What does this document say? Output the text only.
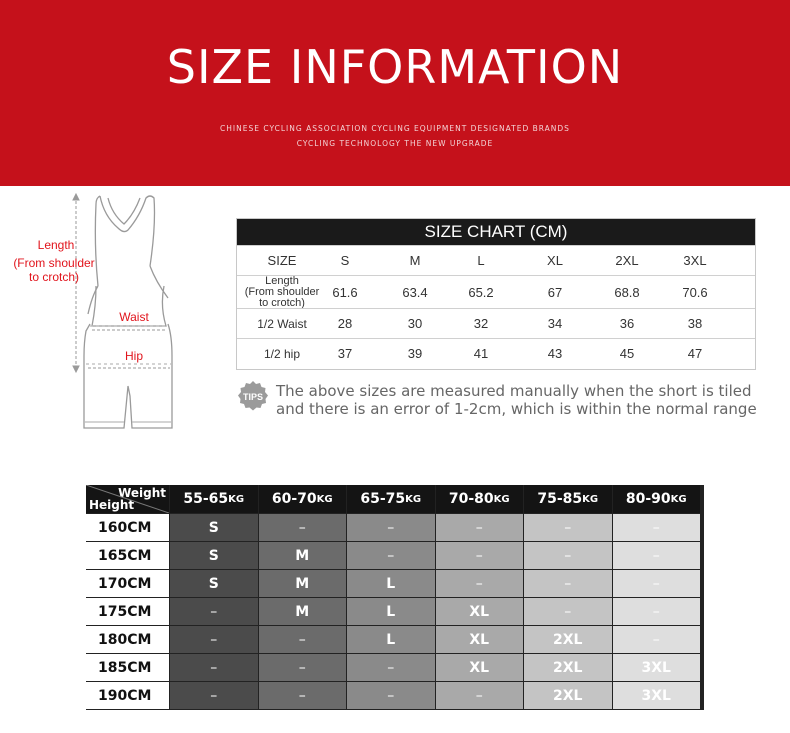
SIZE INFORMATION
CHINESE CYCLING ASSOCIATION CYCLING EQUIPMENT DESIGNATED BRANDS
CYCLING TECHNOLOGY THE NEW UPGRADE
Length
(From shoulder
to crotch)
Waist
Hip
SIZE CHART (CM)
SIZE	S	M	L	XL	2XL	3XL
Length
(From shoulder
to crotch)
61.6	63.4	65.2	67	68.8	70.6
1/2 Waist	28	30	32	34	36	38
1/2 hip	37	39	41	43	45	47
TIPS The above sizes are measured manually when the short is tiled
and there is an error of 1-2cm, which is within the normal range
Weight
Height	55-65 KG 60-70 KG 65-75 KG 70-80 KG 75-85 KG 80-90 KG
160CM	S	–	–	–	–	–
165CM	S	M	–	–	–	–
170CM	S	M	L	–	–	–
175CM	–	M	L	XL	–	–
180CM	–	–	L	XL	2XL	–
185CM	–	–	–	XL	2XL	3XL
190CM	–	–	–	–	2XL	3XL
